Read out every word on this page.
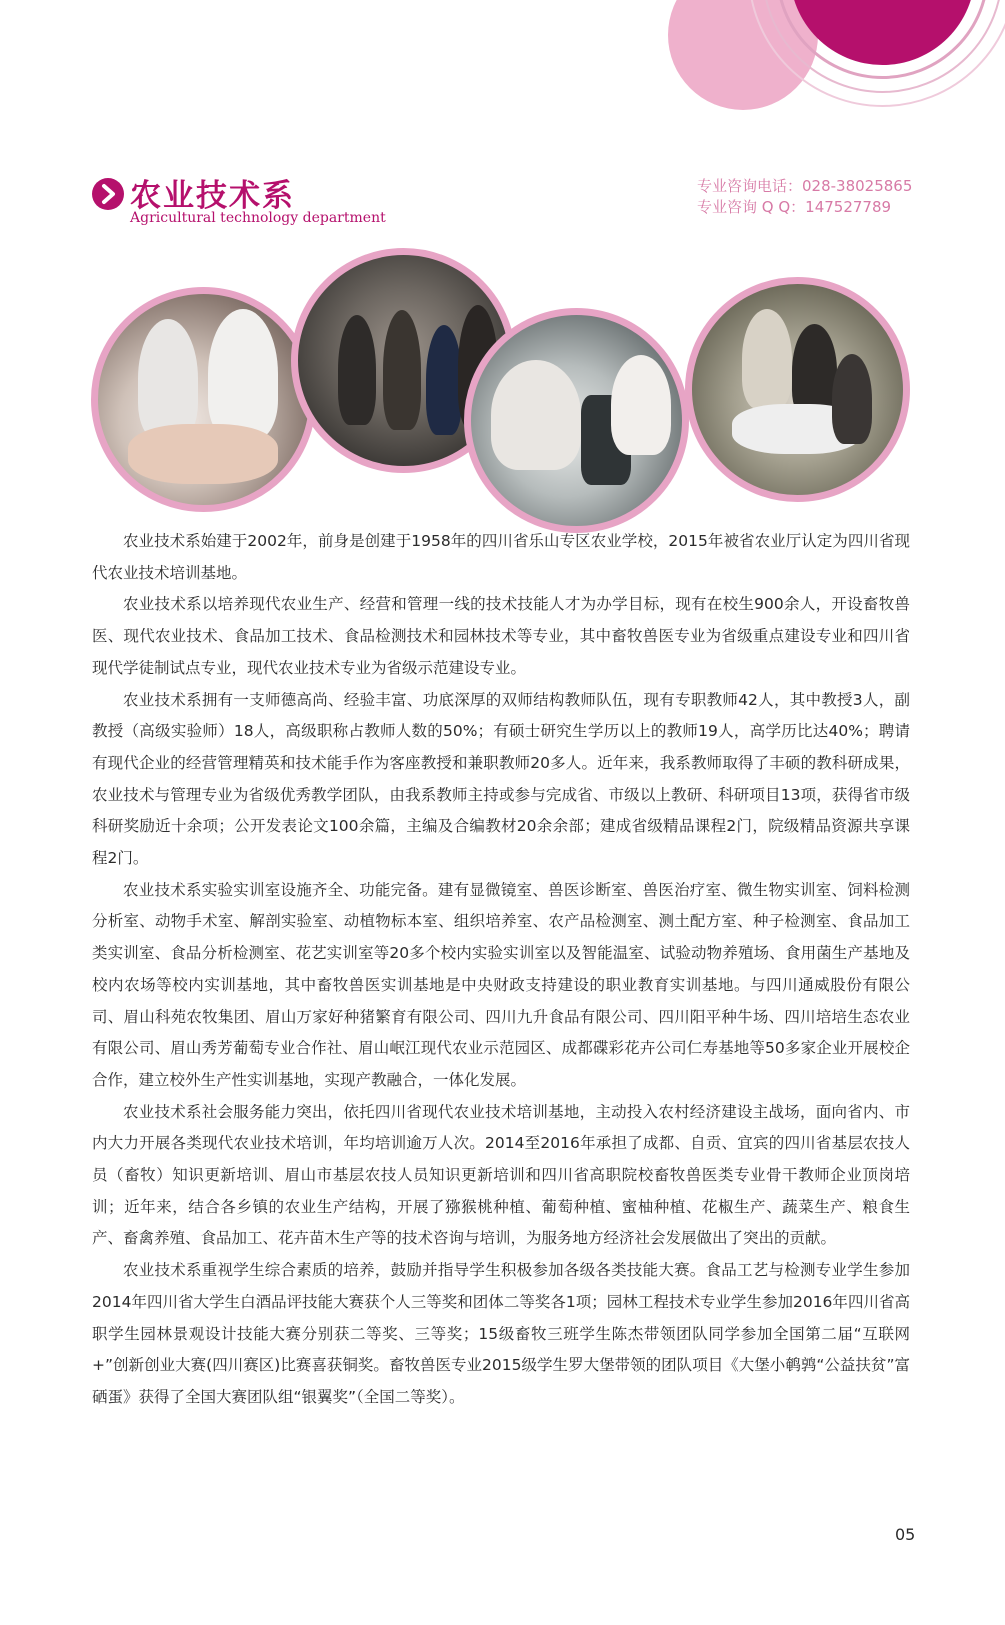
农业技术系
Agricultural technology department
专业咨询电话：028-38025865
专业咨询 Q Q：147527789

农业技术系始建于2002年，前身是创建于1958年的四川省乐山专区农业学校，2015年被省农业厅认定为四川省现代农业技术培训基地。

农业技术系以培养现代农业生产、经营和管理一线的技术技能人才为办学目标，现有在校生900余人，开设畜牧兽医、现代农业技术、食品加工技术、食品检测技术和园林技术等专业，其中畜牧兽医专业为省级重点建设专业和四川省现代学徒制试点专业，现代农业技术专业为省级示范建设专业。

农业技术系拥有一支师德高尚、经验丰富、功底深厚的双师结构教师队伍，现有专职教师42人，其中教授3人，副教授（高级实验师）18人，高级职称占教师人数的50%；有硕士研究生学历以上的教师19人，高学历比达40%；聘请有现代企业的经营管理精英和技术能手作为客座教授和兼职教师20多人。近年来，我系教师取得了丰硕的教科研成果，农业技术与管理专业为省级优秀教学团队，由我系教师主持或参与完成省、市级以上教研、科研项目13项，获得省市级科研奖励近十余项；公开发表论文100余篇，主编及合编教材20余余部；建成省级精品课程2门，院级精品资源共享课程2门。

农业技术系实验实训室设施齐全、功能完备。建有显微镜室、兽医诊断室、兽医治疗室、微生物实训室、饲料检测分析室、动物手术室、解剖实验室、动植物标本室、组织培养室、农产品检测室、测土配方室、种子检测室、食品加工类实训室、食品分析检测室、花艺实训室等20多个校内实验实训室以及智能温室、试验动物养殖场、食用菌生产基地及校内农场等校内实训基地，其中畜牧兽医实训基地是中央财政支持建设的职业教育实训基地。与四川通威股份有限公司、眉山科苑农牧集团、眉山万家好种猪繁育有限公司、四川九升食品有限公司、四川阳平种牛场、四川培培生态农业有限公司、眉山秀芳葡萄专业合作社、眉山岷江现代农业示范园区、成都碟彩花卉公司仁寿基地等50多家企业开展校企合作，建立校外生产性实训基地，实现产教融合，一体化发展。

农业技术系社会服务能力突出，依托四川省现代农业技术培训基地，主动投入农村经济建设主战场，面向省内、市内大力开展各类现代农业技术培训，年均培训逾万人次。2014至2016年承担了成都、自贡、宜宾的四川省基层农技人员（畜牧）知识更新培训、眉山市基层农技人员知识更新培训和四川省高职院校畜牧兽医类专业骨干教师企业顶岗培训；近年来，结合各乡镇的农业生产结构，开展了猕猴桃种植、葡萄种植、蜜柚种植、花椒生产、蔬菜生产、粮食生产、畜禽养殖、食品加工、花卉苗木生产等的技术咨询与培训，为服务地方经济社会发展做出了突出的贡献。

农业技术系重视学生综合素质的培养，鼓励并指导学生积极参加各级各类技能大赛。食品工艺与检测专业学生参加2014年四川省大学生白酒品评技能大赛获个人三等奖和团体二等奖各1项；园林工程技术专业学生参加2016年四川省高职学生园林景观设计技能大赛分别获二等奖、三等奖；15级畜牧三班学生陈杰带领团队同学参加全国第二届“互联网+”创新创业大赛(四川赛区)比赛喜获铜奖。畜牧兽医专业2015级学生罗大堡带领的团队项目《大堡小鹌鹑“公益扶贫”富硒蛋》获得了全国大赛团队组“银翼奖”（全国二等奖）。

05
